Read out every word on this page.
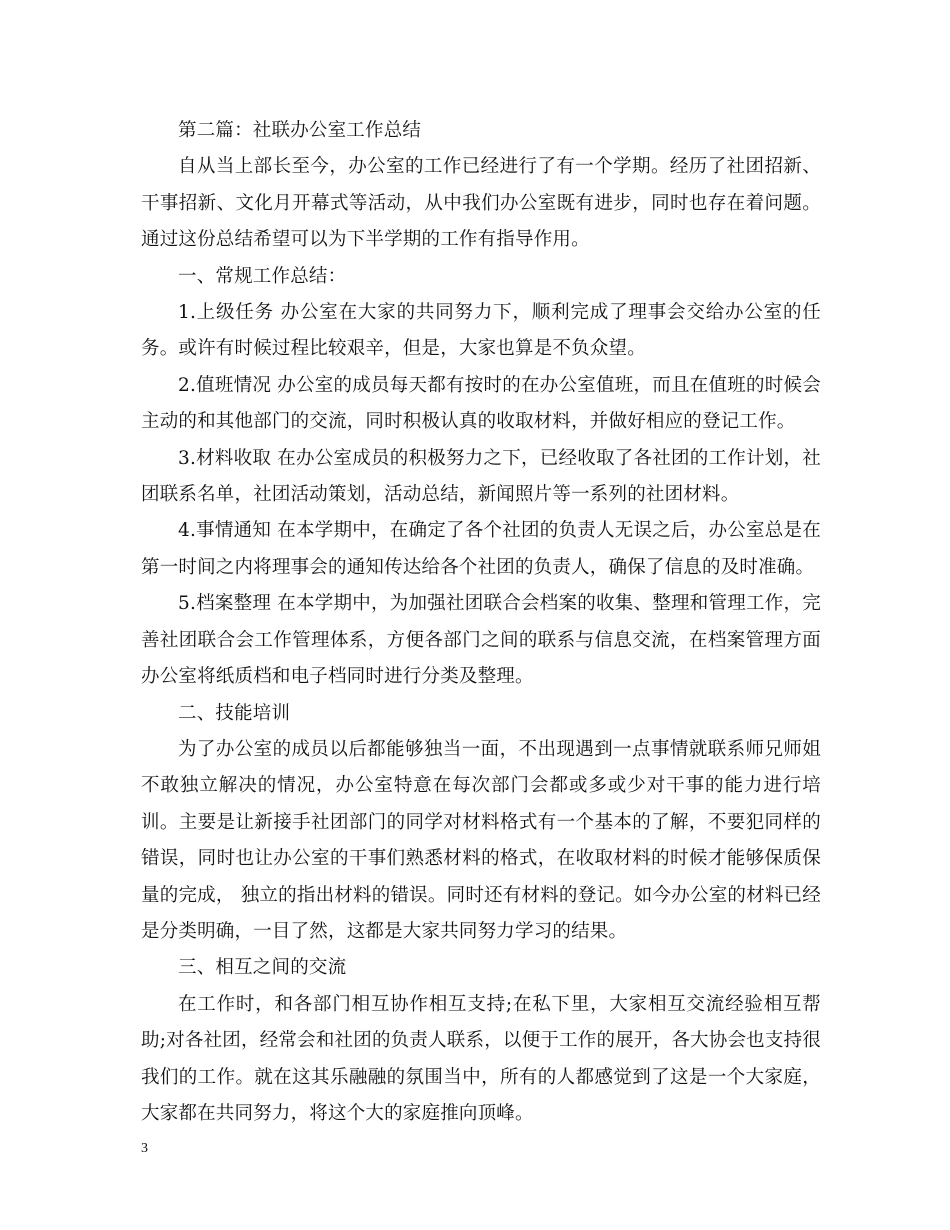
第二篇：社联办公室工作总结

自从当上部长至今，办公室的工作已经进行了有一个学期。经历了社团招新、干事招新、文化月开幕式等活动，从中我们办公室既有进步，同时也存在着问题。通过这份总结希望可以为下半学期的工作有指导作用。

一、常规工作总结：

1.上级任务 办公室在大家的共同努力下，顺利完成了理事会交给办公室的任务。或许有时候过程比较艰辛，但是，大家也算是不负众望。

2.值班情况 办公室的成员每天都有按时的在办公室值班，而且在值班的时候会主动的和其他部门的交流，同时积极认真的收取材料，并做好相应的登记工作。

3.材料收取 在办公室成员的积极努力之下，已经收取了各社团的工作计划，社团联系名单，社团活动策划，活动总结，新闻照片等一系列的社团材料。

4.事情通知 在本学期中，在确定了各个社团的负责人无误之后，办公室总是在第一时间之内将理事会的通知传达给各个社团的负责人，确保了信息的及时准确。

5.档案整理 在本学期中，为加强社团联合会档案的收集、整理和管理工作，完善社团联合会工作管理体系，方便各部门之间的联系与信息交流，在档案管理方面办公室将纸质档和电子档同时进行分类及整理。

二、技能培训

为了办公室的成员以后都能够独当一面，不出现遇到一点事情就联系师兄师姐不敢独立解决的情况，办公室特意在每次部门会都或多或少对干事的能力进行培训。主要是让新接手社团部门的同学对材料格式有一个基本的了解，不要犯同样的错误，同时也让办公室的干事们熟悉材料的格式，在收取材料的时候才能够保质保量的完成， 独立的指出材料的错误。同时还有材料的登记。如今办公室的材料已经是分类明确，一目了然，这都是大家共同努力学习的结果。

三、相互之间的交流

在工作时，和各部门相互协作相互支持;在私下里，大家相互交流经验相互帮助;对各社团，经常会和社团的负责人联系，以便于工作的展开，各大协会也支持很我们的工作。就在这其乐融融的氛围当中，所有的人都感觉到了这是一个大家庭，大家都在共同努力，将这个大的家庭推向顶峰。

3
